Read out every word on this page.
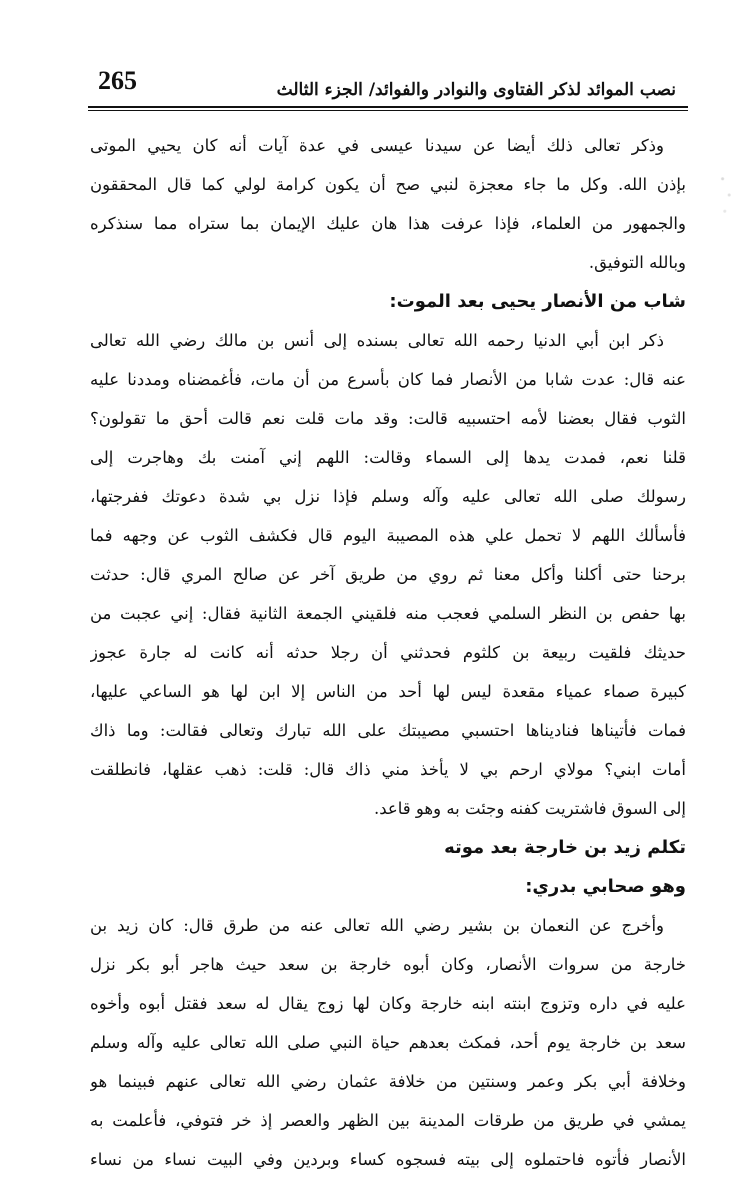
265	نصب الموائد لذكر الفتاوى والنوادر والفوائد/ الجزء الثالث
وذكر تعالى ذلك أيضا عن سيدنا عيسى في عدة آيات أنه كان يحيي الموتى
بإذن الله. وكل ما جاء معجزة لنبي صح أن يكون كرامة لولي كما قال المحققون
والجمهور من العلماء، فإذا عرفت هذا هان عليك الإيمان بما ستراه مما سنذكره
وبالله التوفيق.
شاب من الأنصار يحيى بعد الموت:
ذكر ابن أبي الدنيا رحمه الله تعالى بسنده إلى أنس بن مالك رضي الله تعالى
عنه قال: عدت شابا من الأنصار فما كان بأسرع من أن مات، فأغمضناه ومددنا عليه
الثوب فقال بعضنا لأمه احتسبيه قالت: وقد مات قلت نعم قالت أحق ما تقولون؟
قلنا نعم، فمدت يدها إلى السماء وقالت: اللهم إني آمنت بك وهاجرت إلى
رسولك صلى الله تعالى عليه وآله وسلم فإذا نزل بي شدة دعوتك ففرجتها،
فأسألك اللهم لا تحمل علي هذه المصيبة اليوم قال فكشف الثوب عن وجهه فما
برحنا حتى أكلنا وأكل معنا ثم روي من طريق آخر عن صالح المري قال: حدثت
بها حفص بن النظر السلمي فعجب منه فلقيني الجمعة الثانية فقال: إني عجبت من
حديثك فلقيت ربيعة بن كلثوم فحدثني أن رجلا حدثه أنه كانت له جارة عجوز
كبيرة صماء عمياء مقعدة ليس لها أحد من الناس إلا ابن لها هو الساعي عليها،
فمات فأتيناها فناديناها احتسبي مصيبتك على الله تبارك وتعالى فقالت: وما ذاك
أمات ابني؟ مولاي ارحم بي لا يأخذ مني ذاك قال: قلت: ذهب عقلها، فانطلقت
إلى السوق فاشتريت كفنه وجئت به وهو قاعد.
تكلم زيد بن خارجة بعد موته
وهو صحابي بدري:
وأخرج عن النعمان بن بشير رضي الله تعالى عنه من طرق قال: كان زيد بن
خارجة من سروات الأنصار، وكان أبوه خارجة بن سعد حيث هاجر أبو بكر نزل
عليه في داره وتزوج ابنته ابنه خارجة وكان لها زوج يقال له سعد فقتل أبوه وأخوه
سعد بن خارجة يوم أحد، فمكث بعدهم حياة النبي صلى الله تعالى عليه وآله وسلم
وخلافة أبي بكر وعمر وسنتين من خلافة عثمان رضي الله تعالى عنهم فبينما هو
يمشي في طريق من طرقات المدينة بين الظهر والعصر إذ خر فتوفي، فأعلمت به
الأنصار فأتوه فاحتملوه إلى بيته فسجوه كساء وبردين وفي البيت نساء من نساء
